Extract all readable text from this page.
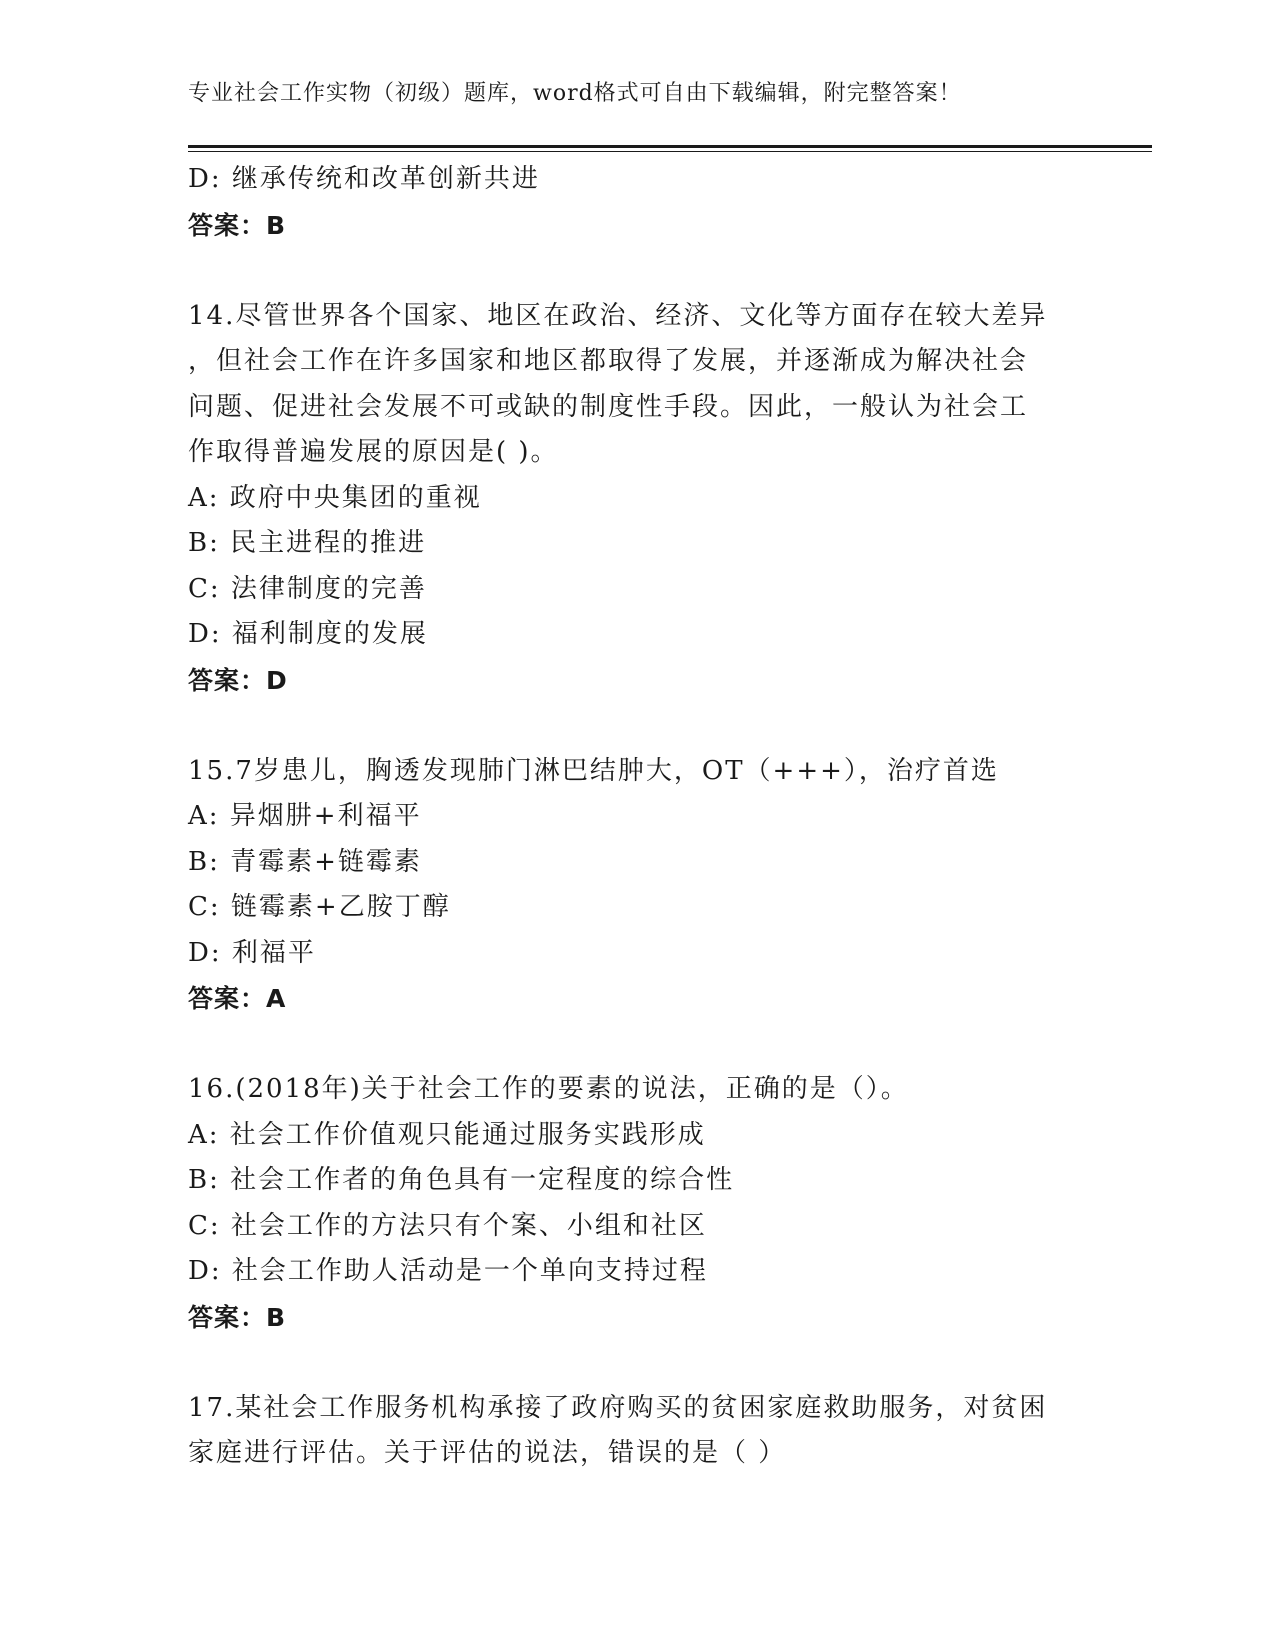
专业社会工作实物（初级）题库，word格式可自由下载编辑，附完整答案！
D: 继承传统和改革创新共进
答案：B
14.尽管世界各个国家、地区在政治、经济、文化等方面存在较大差异
，但社会工作在许多国家和地区都取得了发展，并逐渐成为解决社会
问题、促进社会发展不可或缺的制度性手段。因此，一般认为社会工
作取得普遍发展的原因是( )。
A: 政府中央集团的重视
B: 民主进程的推进
C: 法律制度的完善
D: 福利制度的发展
答案：D
15.7岁患儿，胸透发现肺门淋巴结肿大，OT（+++），治疗首选
A: 异烟肼+利福平
B: 青霉素+链霉素
C: 链霉素+乙胺丁醇
D: 利福平
答案：A
16.(2018年)关于社会工作的要素的说法，正确的是（）。
A: 社会工作价值观只能通过服务实践形成
B: 社会工作者的角色具有一定程度的综合性
C: 社会工作的方法只有个案、小组和社区
D: 社会工作助人活动是一个单向支持过程
答案：B
17.某社会工作服务机构承接了政府购买的贫困家庭救助服务，对贫困
家庭进行评估。关于评估的说法，错误的是（ ）
